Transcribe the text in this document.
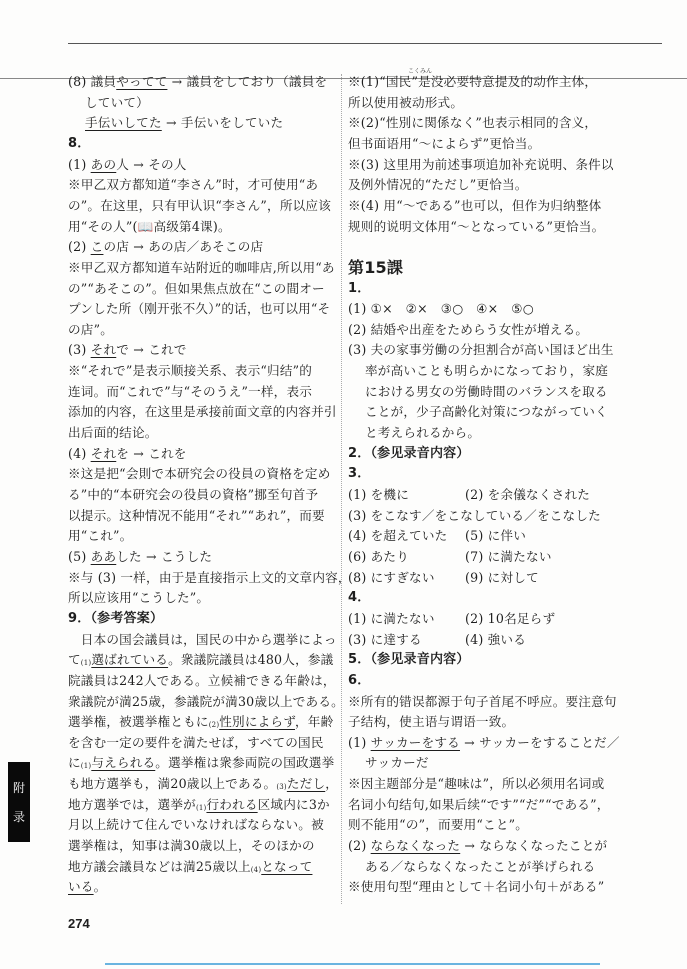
こくみん
(8) 議員やってて → 議員をしており（議員を
していて）
手伝いしてた → 手伝いをしていた
8．
(1) あの人 → その人
※甲乙双方都知道“李さん”时，才可使用“あ
の”。在这里，只有甲认识“李さん”，所以应该
用“その人”(📖高级第4课)。
(2) この店 → あの店／あそこの店
※甲乙双方都知道车站附近的咖啡店,所以用“あ
の”“あそこの”。但如果焦点放在“この間オー
プンした所（刚开张不久）”的话，也可以用“そ
の店”。
(3) それで → これで
※“それで”是表示顺接关系、表示“归结”的
连词。而“これで”与“そのうえ”一样，表示
添加的内容，在这里是承接前面文章的内容并引
出后面的结论。
(4) それを → これを
※这是把“会則で本研究会の役員の資格を定め
る”中的“本研究会の役員の資格”挪至句首予
以提示。这种情况不能用“それ”“あれ”，而要
用“これ”。
(5) ああした → こうした
※与 (3) 一样，由于是直接指示上文的文章内容，
所以应该用“こうした”。
9．（参考答案）
　日本の国会議員は，国民の中から選挙によっ
て(1)選ばれている。衆議院議員は480人，参議
院議員は242人である。立候補できる年齢は，
衆議院が満25歳，参議院が満30歳以上である。
選挙権，被選挙権ともに(2)性別によらず，年齢
を含む一定の要件を満たせば，すべての国民
に(1)与えられる。選挙権は衆参両院の国政選挙
も地方選挙も，満20歳以上である。(3)ただし，
地方選挙では，選挙が(1)行われる区域内に3か
月以上続けて住んでいなければならない。被
選挙権は，知事は満30歳以上，そのほかの
地方議会議員などは満25歳以上(4)となって
いる。
※(1)“国民”是没必要特意提及的动作主体，
所以使用被动形式。
※(2)“性別に関係なく”也表示相同的含义，
但书面语用“～によらず”更恰当。
※(3) 这里用为前述事项追加补充说明、条件以
及例外情况的“ただし”更恰当。
※(4) 用“～である”也可以，但作为归纳整体
规则的说明文体用“～となっている”更恰当。
第15課
1．
(1) ①×　②×　③○　④×　⑤○
(2) 結婚や出産をためらう女性が増える。
(3) 夫の家事労働の分担割合が高い国ほど出生
率が高いことも明らかになっており，家庭
における男女の労働時間のバランスを取る
ことが，少子高齢化対策につながっていく
と考えられるから。
2．（参见录音内容）
3．
(1) を機に	(2) を余儀なくされた
(3) をこなす／をこなしている／をこなした
(4) を超えていた (5) に伴い
(6) あたり	(7) に満たない
(8) にすぎない (9) に対して
4．
(1) に満たない (2) 10名足らず
(3) に達する	(4) 強いる
5．（参见录音内容）
6．
※所有的错误都源于句子首尾不呼应。要注意句
子结构，使主语与谓语一致。
(1) サッカーをする → サッカーをすることだ／
サッカーだ
※因主题部分是“趣味は”，所以必须用名词或
名词小句结句,如果后续“です”“だ”“である”，
则不能用“の”，而要用“こと”。
(2) ならなくなった → ならなくなったことが
ある／ならなくなったことが挙げられる
※使用句型“理由として＋名词小句＋がある”
附
录
274
